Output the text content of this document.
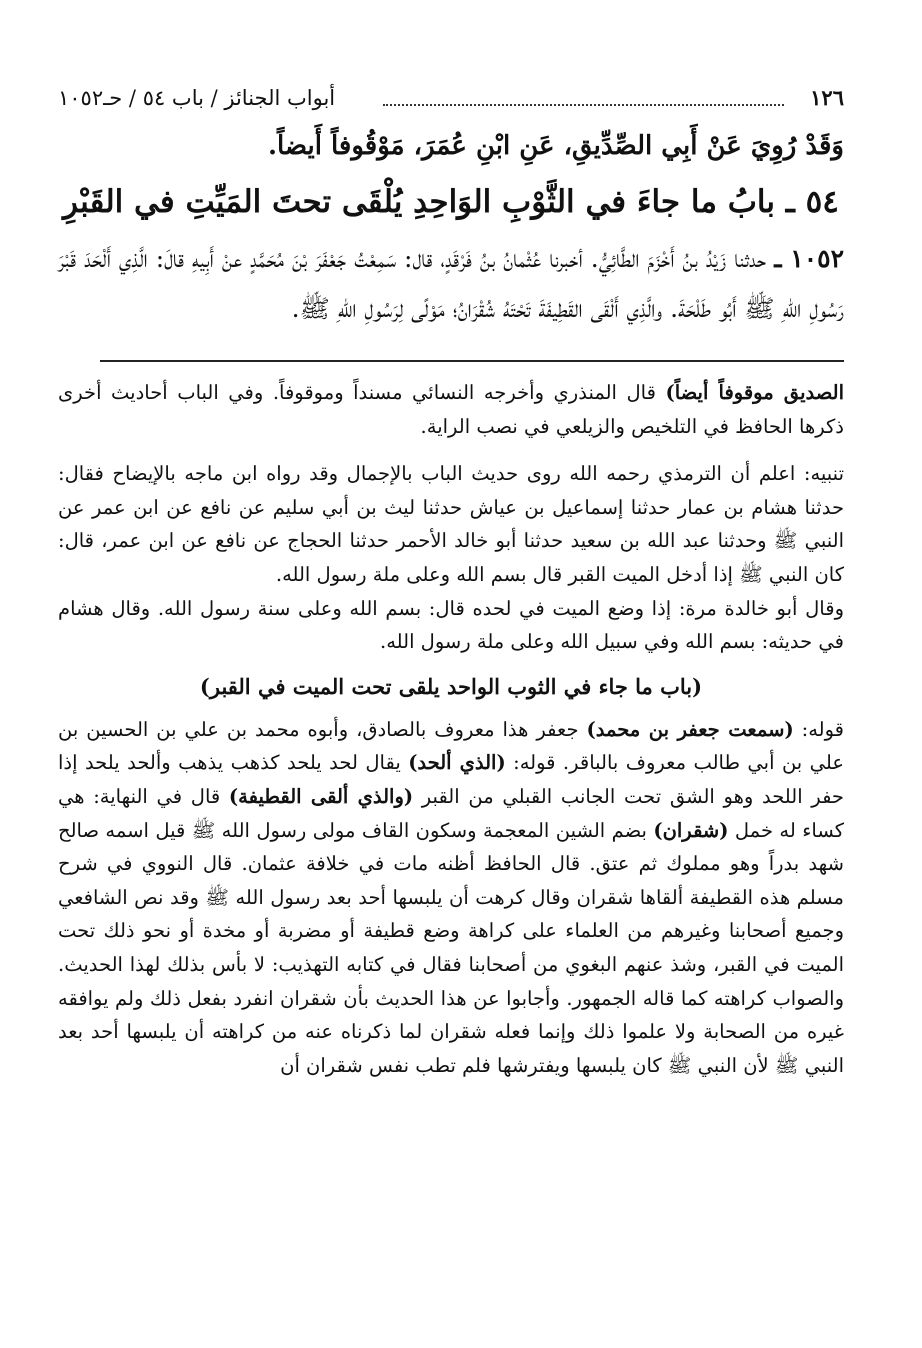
١٢٦
أبواب الجنائز / باب ٥٤ / حـ١٠٥٢

وَقَدْ رُوِيَ عَنْ أَبِي الصِّدِّيقِ، عَنِ ابْنِ عُمَرَ، مَوْقُوفاً أَيضاً.

٥٤ ـ بابُ ما جاءَ في الثَّوْبِ الوَاحِدِ يُلْقَى تحتَ المَيِّتِ في القَبْرِ

١٠٥٢ ـ حدثنا زَيْدُ بنُ أَخْزَمَ الطَّائِيُّ. أخبرنا عُثْمانُ بنُ فَرْقَدٍ، قال: سَمِعْتُ جَعْفَرَ بْنَ مُحَمَّدٍ عنْ أَبِيهِ قالَ: الَّذِي أَلْحَدَ قَبْرَ رَسُولِ اللهِ ﷺ أَبُو طَلْحَةَ. والَّذِي أَلْقَى القَطِيفَةَ تَحْتَهُ شُقْرَانُ؛ مَوْلًى لِرَسُولِ اللهِ ﷺ.

الصديق موقوفاً أيضاً) قال المنذري وأخرجه النسائي مسنداً وموقوفاً. وفي الباب أحاديث أخرى ذكرها الحافظ في التلخيص والزيلعي في نصب الراية.

تنبيه: اعلم أن الترمذي رحمه الله روى حديث الباب بالإجمال وقد رواه ابن ماجه بالإيضاح فقال: حدثنا هشام بن عمار حدثنا إسماعيل بن عياش حدثنا ليث بن أبي سليم عن نافع عن ابن عمر عن النبي ﷺ وحدثنا عبد الله بن سعيد حدثنا أبو خالد الأحمر حدثنا الحجاج عن نافع عن ابن عمر، قال: كان النبي ﷺ إذا أدخل الميت القبر قال بسم الله وعلى ملة رسول الله.

وقال أبو خالدة مرة: إذا وضع الميت في لحده قال: بسم الله وعلى سنة رسول الله. وقال هشام في حديثه: بسم الله وفي سبيل الله وعلى ملة رسول الله.

(باب ما جاء في الثوب الواحد يلقى تحت الميت في القبر)

قوله: (سمعت جعفر بن محمد) جعفر هذا معروف بالصادق، وأبوه محمد بن علي بن الحسين بن علي بن أبي طالب معروف بالباقر. قوله: (الذي ألحد) يقال لحد يلحد كذهب يذهب وألحد يلحد إذا حفر اللحد وهو الشق تحت الجانب القبلي من القبر (والذي ألقى القطيفة) قال في النهاية: هي كساء له خمل (شقران) بضم الشين المعجمة وسكون القاف مولى رسول الله ﷺ قيل اسمه صالح شهد بدراً وهو مملوك ثم عتق. قال الحافظ أظنه مات في خلافة عثمان. قال النووي في شرح مسلم هذه القطيفة ألقاها شقران وقال كرهت أن يلبسها أحد بعد رسول الله ﷺ وقد نص الشافعي وجميع أصحابنا وغيرهم من العلماء على كراهة وضع قطيفة أو مضربة أو مخدة أو نحو ذلك تحت الميت في القبر، وشذ عنهم البغوي من أصحابنا فقال في كتابه التهذيب: لا بأس بذلك لهذا الحديث. والصواب كراهته كما قاله الجمهور. وأجابوا عن هذا الحديث بأن شقران انفرد بفعل ذلك ولم يوافقه غيره من الصحابة ولا علموا ذلك وإنما فعله شقران لما ذكرناه عنه من كراهته أن يلبسها أحد بعد النبي ﷺ لأن النبي ﷺ كان يلبسها ويفترشها فلم تطب نفس شقران أن
